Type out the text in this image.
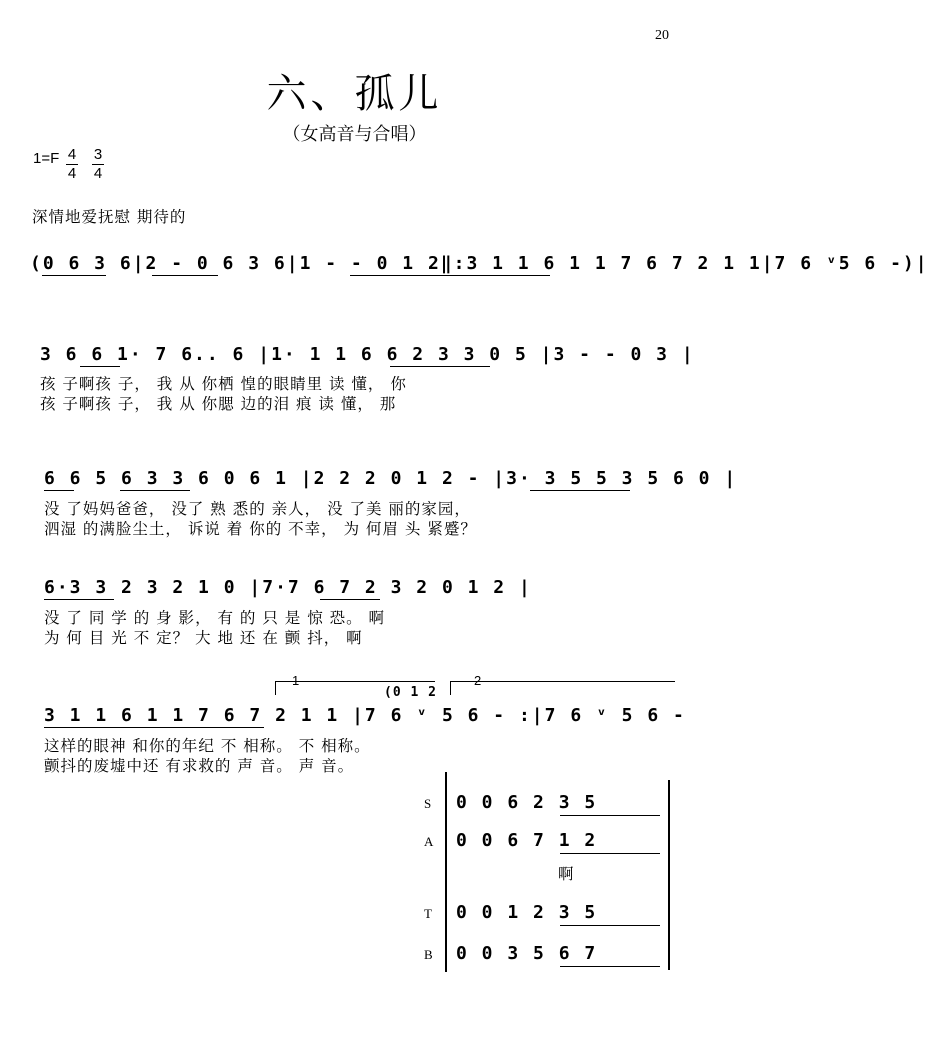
20
六、孤儿
（女高音与合唱）
1=F 4
4
3
4
深情地爱抚慰 期待的
(0 6 3 6|2 - 0 6 3 6|1 - - 0 1 2‖:3 1 1 6 1 1 7 6 7 2 1 1|7 6 ᵛ5 6 -)|
3 6 6 1· 7 6.. 6 |1· 1 1 6 6 2 3 3 0 5 |3 - - 0 3 |
孩 子啊孩 子， 我 从 你栖 惶的眼睛里 读 懂， 你
孩 子啊孩 子， 我 从 你腮 边的泪 痕 读 懂， 那
6 6 5 6 3 3 6 0 6 1 |2 2 2 0 1 2 - |3· 3 5 5 3 5 6 0 |
没 了妈妈爸爸， 没了 熟 悉的 亲人， 没 了美 丽的家园，
泗湿 的满脸尘土， 诉说 着 你的 不幸， 为 何眉 头 紧蹙？
6·3 3 2 3 2 1 0 |7·7 6 7 2 3 2 0 1 2 |
没 了 同 学 的 身 影， 有 的 只 是 惊 恐。 啊
为 何 目 光 不 定？ 大 地 还 在 颤 抖， 啊
1	2
(0 1 2
3 1 1 6 1 1 7 6 7 2 1 1 |7 6 ᵛ 5 6 - :|7 6 ᵛ 5 6 -
这样的眼神 和你的年纪 不 相称。 不 相称。
颤抖的废墟中还 有求救的 声 音。 声 音。
S 0 0 6 2 3 5
A 0 0 6 7 1 2
啊
T 0 0 1 2 3 5
B 0 0 3 5 6 7
